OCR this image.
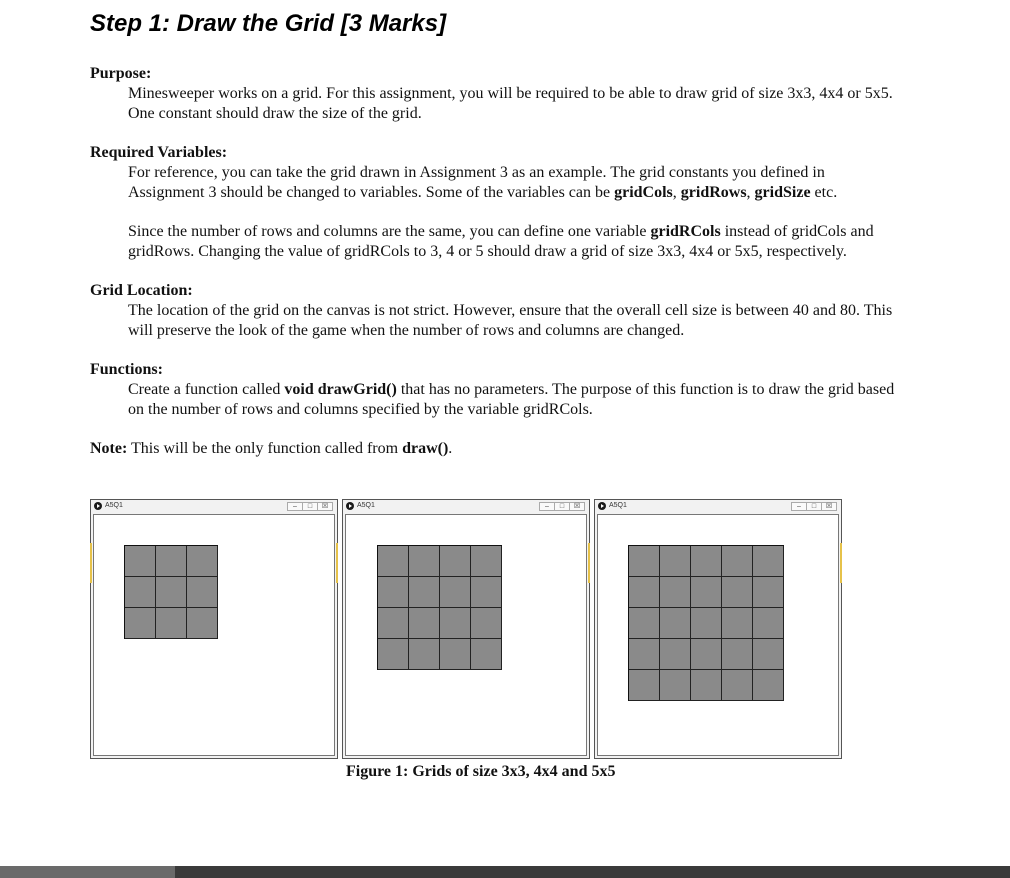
Step 1: Draw the Grid [3 Marks]

Purpose:

Minesweeper works on a grid. For this assignment, you will be required to be able to draw grid of size 3x3, 4x4 or 5x5. One constant should draw the size of the grid.

Required Variables:

For reference, you can take the grid drawn in Assignment 3 as an example. The grid constants you defined in Assignment 3 should be changed to variables. Some of the variables can be gridCols, gridRows, gridSize etc.

Since the number of rows and columns are the same, you can define one variable gridRCols instead of gridCols and gridRows. Changing the value of gridRCols to 3, 4 or 5 should draw a grid of size 3x3, 4x4 or 5x5, respectively.

Grid Location:

The location of the grid on the canvas is not strict. However, ensure that the overall cell size is between 40 and 80. This will preserve the look of the game when the number of rows and columns are changed.

Functions:

Create a function called void drawGrid() that has no parameters. The purpose of this function is to draw the grid based on the number of rows and columns specified by the variable gridRCols.

Note: This will be the only function called from draw().

A5Q1	–	□	☒	A5Q1	–	□	☒	A5Q1	–	□	☒
Figure 1: Grids of size 3x3, 4x4 and 5x5
